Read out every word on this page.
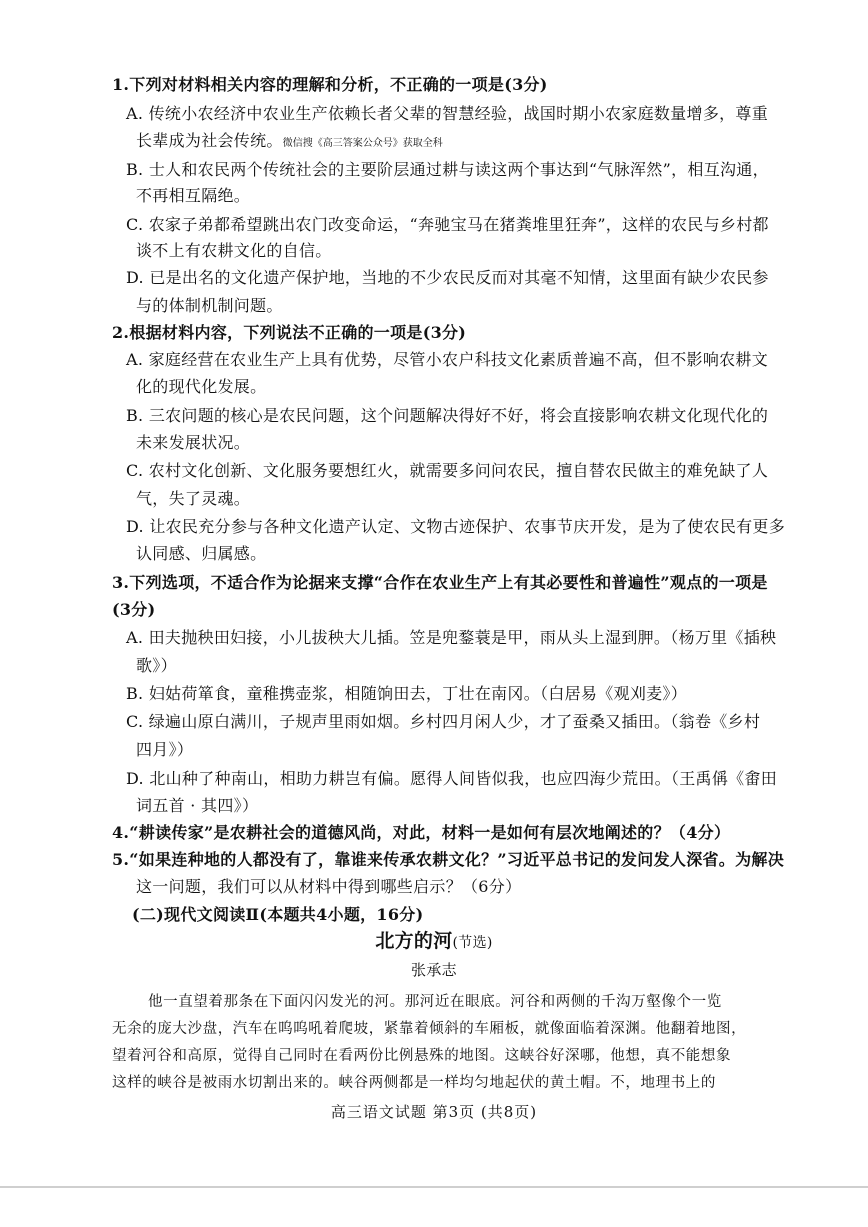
1.下列对材料相关内容的理解和分析，不正确的一项是(3分)
A. 传统小农经济中农业生产依赖长者父辈的智慧经验，战国时期小农家庭数量增多，尊重
长辈成为社会传统。微信搜《高三答案公众号》获取全科
B. 士人和农民两个传统社会的主要阶层通过耕与读这两个事达到“气脉浑然”，相互沟通，
不再相互隔绝。
C. 农家子弟都希望跳出农门改变命运，“奔驰宝马在猪粪堆里狂奔”，这样的农民与乡村都
谈不上有农耕文化的自信。
D. 已是出名的文化遗产保护地，当地的不少农民反而对其毫不知情，这里面有缺少农民参
与的体制机制问题。
2.根据材料内容，下列说法不正确的一项是(3分)
A. 家庭经营在农业生产上具有优势，尽管小农户科技文化素质普遍不高，但不影响农耕文
化的现代化发展。
B. 三农问题的核心是农民问题，这个问题解决得好不好，将会直接影响农耕文化现代化的
未来发展状况。
C. 农村文化创新、文化服务要想红火，就需要多问问农民，擅自替农民做主的难免缺了人
气，失了灵魂。
D. 让农民充分参与各种文化遗产认定、文物古迹保护、农事节庆开发，是为了使农民有更多
认同感、归属感。
3.下列选项，不适合作为论据来支撑“合作在农业生产上有其必要性和普遍性”观点的一项是
(3分)
A. 田夫抛秧田妇接，小儿拔秧大儿插。笠是兜鍪蓑是甲，雨从头上湿到胛。（杨万里《插秧
歌》）
B. 妇姑荷箪食，童稚携壶浆，相随饷田去，丁壮在南冈。（白居易《观刈麦》）
C. 绿遍山原白满川，子规声里雨如烟。乡村四月闲人少，才了蚕桑又插田。（翁卷《乡村
四月》）
D. 北山种了种南山，相助力耕岂有偏。愿得人间皆似我，也应四海少荒田。（王禹偁《畬田
词五首 · 其四》）
4.“耕读传家”是农耕社会的道德风尚，对此，材料一是如何有层次地阐述的？（4分）
5.“如果连种地的人都没有了，靠谁来传承农耕文化？”习近平总书记的发问发人深省。为解决
这一问题，我们可以从材料中得到哪些启示？（6分）
(二)现代文阅读Ⅱ(本题共4小题，16分)
北方的河(节选)
张承志
他一直望着那条在下面闪闪发光的河。那河近在眼底。河谷和两侧的千沟万壑像个一览
无余的庞大沙盘，汽车在呜呜吼着爬坡，紧靠着倾斜的车厢板，就像面临着深渊。他翻着地图，
望着河谷和高原，觉得自己同时在看两份比例悬殊的地图。这峡谷好深哪，他想，真不能想象
这样的峡谷是被雨水切割出来的。峡谷两侧都是一样均匀地起伏的黄土帽。不，地理书上的
高三语文试题 第3页 (共8页)
